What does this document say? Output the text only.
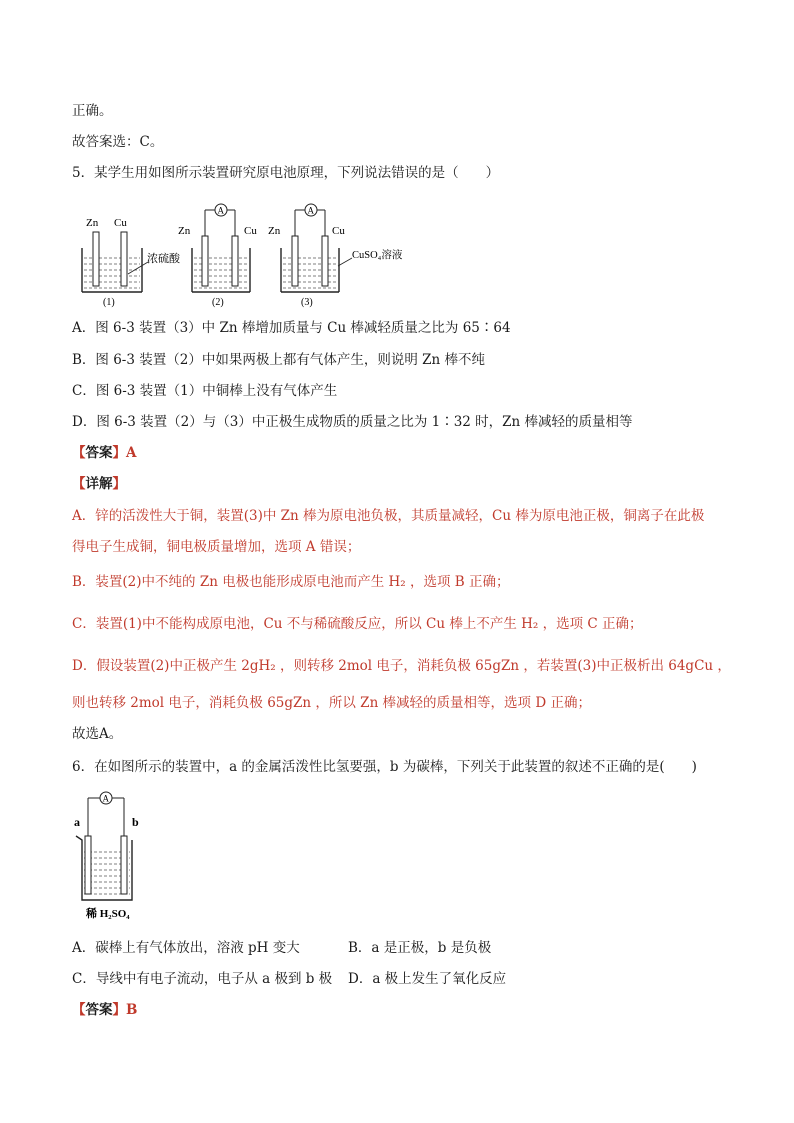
正确。
故答案选：C。
5．某学生用如图所示装置研究原电池原理，下列说法错误的是（　　）
Zn Cu
浓硫酸
(1)
A
Zn	Cu
(2)
A
Zn	Cu
CuSO₄溶液
(3)
A．图 6-3 装置（3）中 Zn 棒增加质量与 Cu 棒减轻质量之比为 65∶64
B．图 6-3 装置（2）中如果两极上都有气体产生，则说明 Zn 棒不纯
C．图 6-3 装置（1）中铜棒上没有气体产生
D．图 6-3 装置（2）与（3）中正极生成物质的质量之比为 1∶32 时，Zn 棒减轻的质量相等
【答案】A
【详解】
A．锌的活泼性大于铜，装置(3)中 Zn 棒为原电池负极，其质量减轻，Cu 棒为原电池正极，铜离子在此极
得电子生成铜，铜电极质量增加，选项 A 错误；
B．装置(2)中不纯的 Zn 电极也能形成原电池而产生 H₂ ，选项 B 正确；
C．装置(1)中不能构成原电池，Cu 不与稀硫酸反应，所以 Cu 棒上不产生 H₂ ，选项 C 正确；
D．假设装置(2)中正极产生 2gH₂ ，则转移 2mol 电子，消耗负极 65gZn ，若装置(3)中正极析出 64gCu ，
则也转移 2mol 电子，消耗负极 65gZn ，所以 Zn 棒减轻的质量相等，选项 D 正确；
故选A。
6．在如图所示的装置中，a 的金属活泼性比氢要强，b 为碳棒，下列关于此装置的叙述不正确的是(　　)
A
a	b
稀 H₂SO₄
A．碳棒上有气体放出，溶液 pH 变大	B．a 是正极，b 是负极
C．导线中有电子流动，电子从 a 极到 b 极 D．a 极上发生了氧化反应
【答案】B
